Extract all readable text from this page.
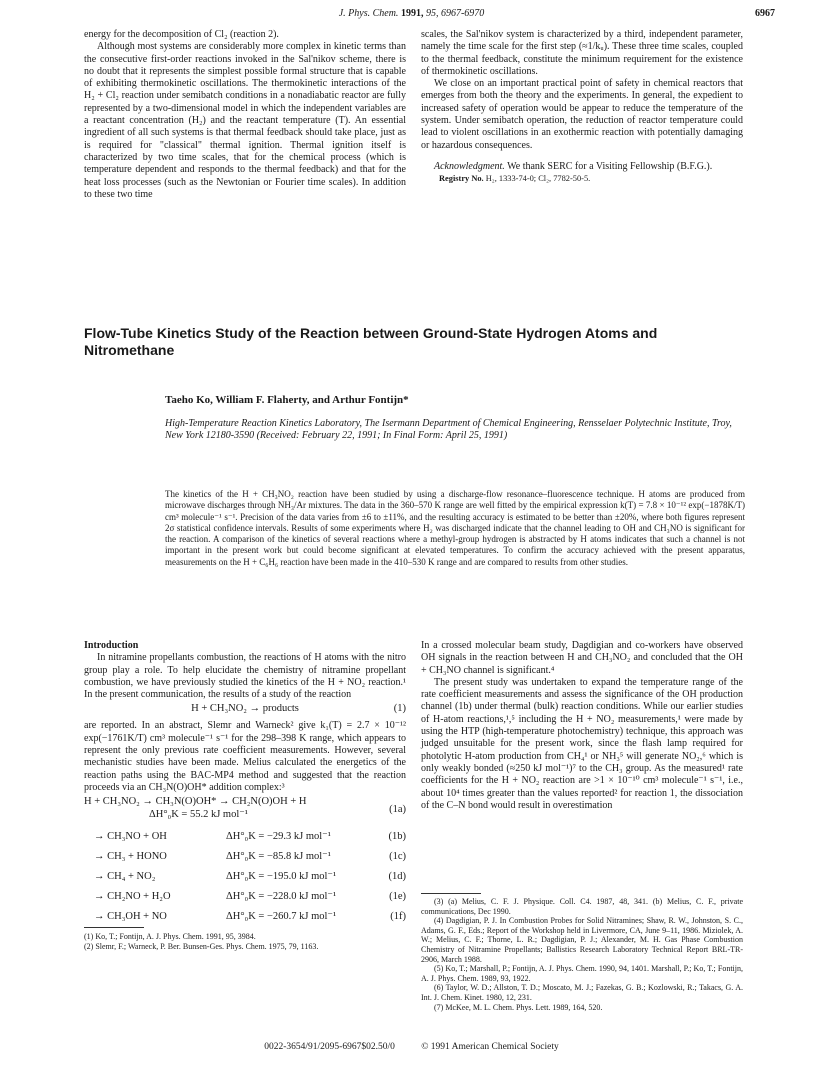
J. Phys. Chem. 1991, 95, 6967-6970	6967

energy for the decomposition of Cl₂ (reaction 2).

Although most systems are considerably more complex in kinetic terms than the consecutive first-order reactions invoked in the Sal'nikov scheme, there is no doubt that it represents the simplest possible formal structure that is capable of exhibiting thermokinetic oscillations. The thermokinetic interactions of the H₂ + Cl₂ reaction under semibatch conditions in a nonadiabatic reactor are fully represented by a two-dimensional model in which the independent variables are a reactant concentration (H₂) and the reactant temperature (T). An essential ingredient of all such systems is that thermal feedback should take place, just as is required for "classical" thermal ignition. Thermal ignition itself is characterized by two time scales, that for the chemical process (which is temperature dependent and responds to the thermal feedback) and that for the heat loss processes (such as the Newtonian or Fourier time scales). In addition to these two time

scales, the Sal'nikov system is characterized by a third, independent parameter, namely the time scale for the first step (≈1/kᵤ). These three time scales, coupled to the thermal feedback, constitute the minimum requirement for the existence of thermokinetic oscillations.

We close on an important practical point of safety in chemical reactors that emerges from both the theory and the experiments. In general, the expedient to increased safety of operation would be appear to reduce the temperature of the system. Under semibatch operation, the reduction of reactor temperature could lead to violent oscillations in an exothermic reaction with potentially damaging or hazardous consequences.

Acknowledgment. We thank SERC for a Visiting Fellowship (B.F.G.).

Registry No. H₂, 1333-74-0; Cl₂, 7782-50-5.

Flow-Tube Kinetics Study of the Reaction between Ground-State Hydrogen Atoms and Nitromethane
Taeho Ko, William F. Flaherty, and Arthur Fontijn*
High-Temperature Reaction Kinetics Laboratory, The Isermann Department of Chemical Engineering, Rensselaer Polytechnic Institute, Troy, New York 12180-3590 (Received: February 22, 1991; In Final Form: April 25, 1991)
The kinetics of the H + CH₃NO₂ reaction have been studied by using a discharge-flow resonance–fluorescence technique. H atoms are produced from microwave discharges through NH₃/Ar mixtures. The data in the 360–570 K range are well fitted by the empirical expression k(T) = 7.8 × 10⁻¹² exp(−1878K/T) cm³ molecule⁻¹ s⁻¹. Precision of the data varies from ±6 to ±11%, and the resulting accuracy is estimated to be better than ±20%, where both figures represent 2σ statistical confidence intervals. Results of some experiments where H₂ was discharged indicate that the channel leading to OH and CH₃NO is significant for the reaction. A comparison of the kinetics of several reactions where a methyl-group hydrogen is abstracted by H atoms indicates that such a channel is not important in the present work but could become significant at elevated temperatures. To confirm the accuracy achieved with the present apparatus, measurements on the H + C₆H₆ reaction have been made in the 410–530 K range and are compared to results from other studies.

Introduction

In nitramine propellants combustion, the reactions of H atoms with the nitro group play a role. To help elucidate the chemistry of nitramine propellant combustion, we have previously studied the kinetics of the H + NO₂ reaction.¹ In the present communication, the results of a study of the reaction

H + CH₃NO₂ → products	(1)

are reported. In an abstract, Slemr and Warneck² give k₁(T) = 2.7 × 10⁻¹² exp(−1761K/T) cm³ molecule⁻¹ s⁻¹ for the 298–398 K range, which appears to represent the only previous rate coefficient measurements. However, several mechanistic studies have been made. Melius calculated the energetics of the reaction paths using the BAC-MP4 method and suggested that the reaction proceeds via an CH₃N(O)OH* addition complex:³

H + CH₃NO₂ → CH₃N(O)OH* → CH₂N(O)OH + H
ΔH°₀K = 55.2 kJ mol⁻¹	(1a)
→ CH₃NO + OH	ΔH°₀K = −29.3 kJ mol⁻¹	(1b)
→ CH₃ + HONO	ΔH°₀K = −85.8 kJ mol⁻¹	(1c)
→ CH₄ + NO₂	ΔH°₀K = −195.0 kJ mol⁻¹	(1d)
→ CH₂NO + H₂O	ΔH°₀K = −228.0 kJ mol⁻¹	(1e)
→ CH₃OH + NO	ΔH°₀K = −260.7 kJ mol⁻¹	(1f)

In a crossed molecular beam study, Dagdigian and co-workers have observed OH signals in the reaction between H and CH₃NO₂ and concluded that the OH + CH₃NO channel is significant.⁴

The present study was undertaken to expand the temperature range of the rate coefficient measurements and assess the significance of the OH production channel (1b) under thermal (bulk) reaction conditions. While our earlier studies of H-atom reactions,¹,⁵ including the H + NO₂ measurements,¹ were made by using the HTP (high-temperature photochemistry) technique, this approach was judged unsuitable for the present work, since the flash lamp required for photolytic H-atom production from CH₄¹ or NH₃⁵ will generate NO₂,⁶ which is only weakly bonded (≈250 kJ mol⁻¹)⁷ to the CH₃ group. As the measured¹ rate coefficients for the H + NO₂ reaction are >1 × 10⁻¹⁰ cm³ molecule⁻¹ s⁻¹, i.e., about 10⁴ times greater than the values reported² for reaction 1, the dissociation of the C–N bond would result in overestimation

(1) Ko, T.; Fontijn, A. J. Phys. Chem. 1991, 95, 3984.
(2) Slemr, F.; Warneck, P. Ber. Bunsen-Ges. Phys. Chem. 1975, 79, 1163.
(3) (a) Melius, C. F. J. Physique. Coll. C4. 1987, 48, 341. (b) Melius, C. F., private communications, Dec 1990.
(4) Dagdigian, P. J. In Combustion Probes for Solid Nitramines; Shaw, R. W., Johnston, S. C., Adams, G. F., Eds.; Report of the Workshop held in Livermore, CA, June 9–11, 1986. Miziolek, A. W.; Melius, C. F.; Thorne, L. R.; Dagdigian, P. J.; Alexander, M. H. Gas Phase Combustion Chemistry of Nitramine Propellants; Ballistics Research Laboratory Technical Report BRL-TR-2906, March 1988.
(5) Ko, T.; Marshall, P.; Fontijn, A. J. Phys. Chem. 1990, 94, 1401. Marshall, P.; Ko, T.; Fontijn, A. J. Phys. Chem. 1989, 93, 1922.
(6) Taylor, W. D.; Allston, T. D.; Moscato, M. J.; Fazekas, G. B.; Kozlowski, R.; Takacs, G. A. Int. J. Chem. Kinet. 1980, 12, 231.
(7) McKee, M. L. Chem. Phys. Lett. 1989, 164, 520.
0022-3654/91/2095-6967$02.50/0	© 1991 American Chemical Society
